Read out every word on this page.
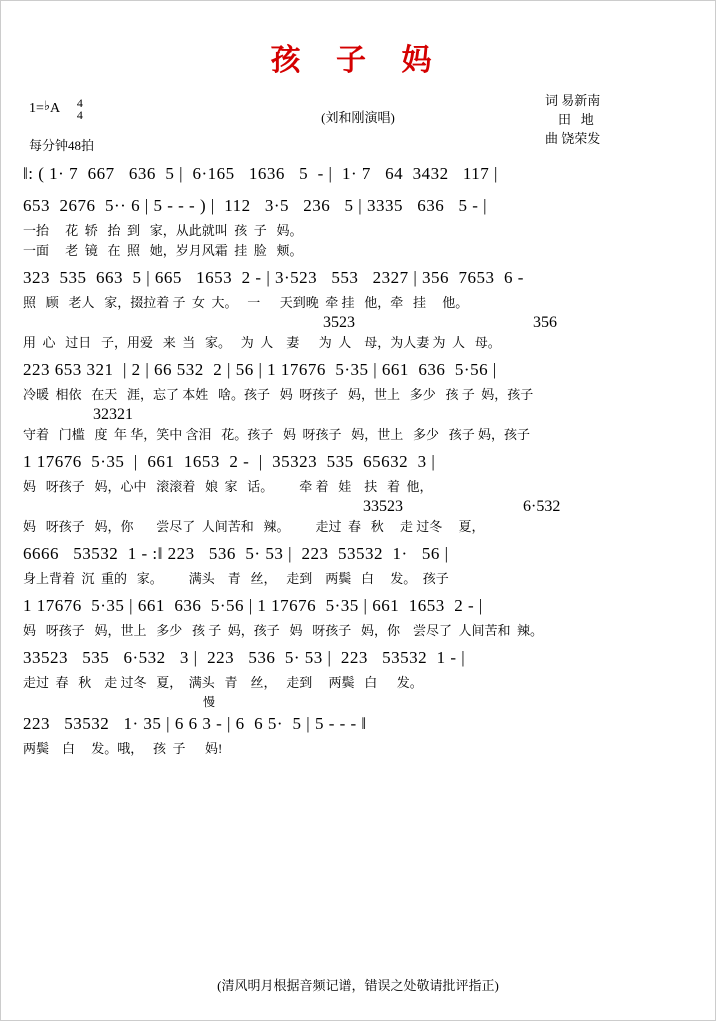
孩 子 妈
1=♭A 4
4
每分钟48拍
(刘和刚演唱)
词 易新南
田   地
曲 饶荣发
‖: ( 1· 7  667   636  5 |  6·165   1636   5  - |  1· 7   64  3432   117 |
653  2676  5·· 6 | 5 - - - ) |  112   3·5   236   5 | 3335   636   5 - |
一抬     花  轿   抬  到   家，从此就叫  孩  子   妈。
一面     老  镜   在  照   她，岁月风霜  挂  脸   颊。
323  535  663  5 | 665   1653  2 - | 3·523   553   2327 | 356  7653  6 -
照   顾   老人   家，掇拉着 子  女  大。   一      天到晚  牵 挂   他，牵   挂     他。
3523	356
用  心   过日   子，用爱   来  当   家。   为  人    妻      为  人    母，为人妻 为  人   母。
223 653 321  | 2 | 66 532  2 | 56 | 1 17676  5·35 | 661  636  5·56 |
冷暖  相依   在天   涯，忘了 本姓   啥。孩子   妈  呀孩子   妈，世上   多少   孩 子  妈，孩子
32321
守着   门槛   度  年 华，笑中 含泪   花。孩子   妈  呀孩子   妈，世上   多少   孩子 妈，孩子
1 17676  5·35  |  661  1653  2 -  |  35323  535  65632  3 |
妈   呀孩子   妈，心中   滚滚着   娘  家   话。        牵 着   娃    扶   着  他，
33523	6·532
妈   呀孩子   妈，你       尝尽了  人间苦和   辣。        走过  春   秋     走 过冬     夏，
6666   53532  1 - :‖ 223   536  5· 53 |  223  53532  1·   56 |
身上背着  沉  重的   家。        满头    青   丝，   走到    两鬓   白     发。  孩子
1 17676  5·35 | 661  636  5·56 | 1 17676  5·35 | 661  1653  2 - |
妈   呀孩子   妈，世上   多少   孩 子  妈，孩子   妈   呀孩子   妈，你    尝尽了  人间苦和  辣。
33523   535   6·532   3 |  223   536  5· 53 |  223   53532  1 - |
走过  春   秋    走 过冬   夏，  满头   青    丝，   走到     两鬓   白      发。
慢
223   53532   1· 35 | 6 6 3 - | 6  6 5·  5 | 5 - - - ‖
两鬓    白     发。哦，   孩  子      妈!
(清风明月根据音频记谱，错误之处敬请批评指正)
